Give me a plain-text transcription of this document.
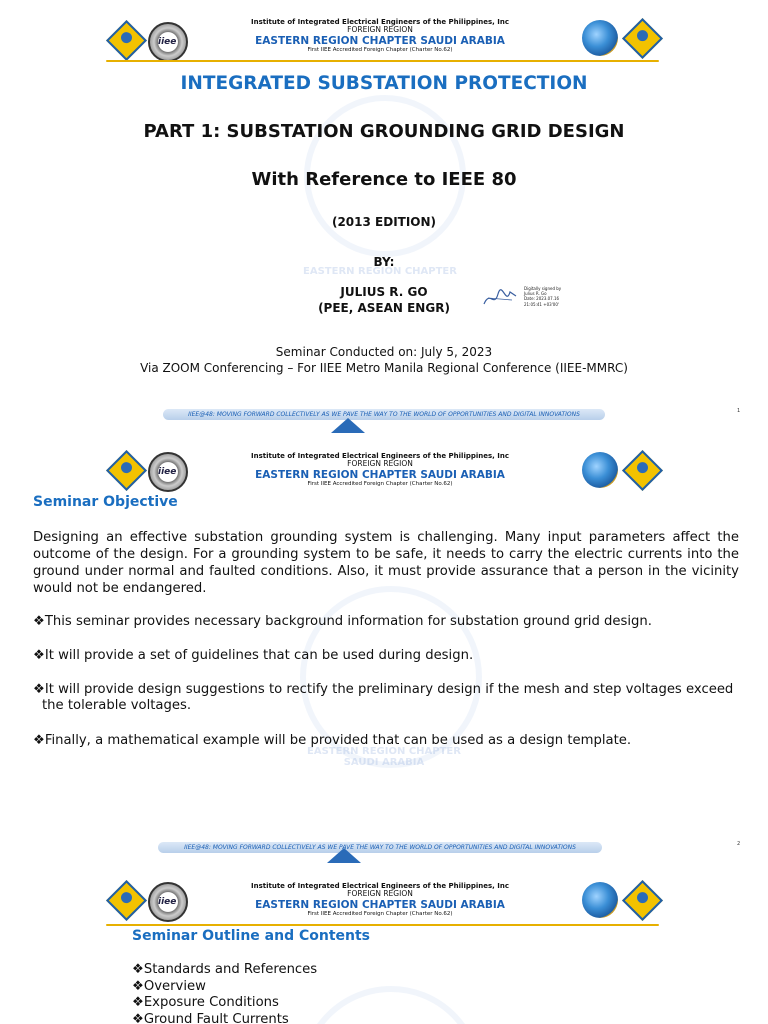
EASTERN REGION CHAPTER
iiee
Institute of Integrated Electrical Engineers of the Philippines, Inc
FOREIGN REGION
EASTERN REGION CHAPTER SAUDI ARABIA
First IIEE Accredited Foreign Chapter (Charter No.62)
INTEGRATED SUBSTATION PROTECTION
PART 1: SUBSTATION GROUNDING GRID DESIGN
With Reference to IEEE 80
(2013 EDITION)
BY:
JULIUS R. GO
(PEE, ASEAN ENGR)
Digitally signed by
Julius R. Go
Date: 2023.07.16
21:05:41 +03'00'
Seminar Conducted on: July 5, 2023
Via ZOOM Conferencing – For IIEE Metro Manila Regional Conference (IIEE-MMRC)
IIEE@48: MOVING FORWARD COLLECTIVELY AS WE PAVE THE WAY TO THE WORLD OF OPPORTUNITIES AND DIGITAL INNOVATIONS	1
EASTERN REGION CHAPTER
SAUDI ARABIA
iiee
Institute of Integrated Electrical Engineers of the Philippines, Inc
FOREIGN REGION
EASTERN REGION CHAPTER SAUDI ARABIA
First IIEE Accredited Foreign Chapter (Charter No.62)
Seminar Objective
Designing an effective substation grounding system is challenging. Many input parameters affect the outcome of the design. For a grounding system to be safe, it needs to carry the electric currents into the ground under normal and faulted conditions. Also, it must provide assurance that a person in the vicinity would not be endangered.
❖This seminar provides necessary background information for substation ground grid design.
❖It will provide a set of guidelines that can be used during design.
❖It will provide design suggestions to rectify the preliminary design if the mesh and step voltages exceed the tolerable voltages.
❖Finally, a mathematical example will be provided that can be used as a design template.
IIEE@48: MOVING FORWARD COLLECTIVELY AS WE PAVE THE WAY TO THE WORLD OF OPPORTUNITIES AND DIGITAL INNOVATIONS	2
iiee
Institute of Integrated Electrical Engineers of the Philippines, Inc
FOREIGN REGION
EASTERN REGION CHAPTER SAUDI ARABIA
First IIEE Accredited Foreign Chapter (Charter No.62)
Seminar Outline and Contents
❖Standards and References
❖Overview
❖Exposure Conditions
❖Ground Fault Currents
